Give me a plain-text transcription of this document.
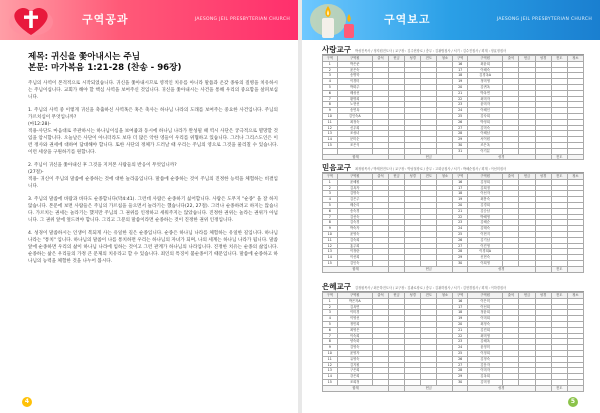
구역공과	JAESONG JEIL PRESBYTERIAN CHURCH
제목: 귀신을 쫓아내시는 주님
본문: 마가복음 1:21-28 (찬송 - 96장)

주님의 사역이 본격적으로 시작되었습니다. 귀신을 쫓아내시므로 영적인 치유를 아니라 말씀과 온갖 종류의 질병을 치유하시는 주님이십니다. 교회가 해야 할 핵심 사역을 보여주신 것입니다. 귀신을 쫓아내시는 사건을 통해 우리의 중요함을 살펴보십니다.

1. 주님의 사역 중 이렇게 귀신을 축출하신 사역혹은 혹은 축사는 하나님 나라의 도래를 보여주는 중요한 사건입니다. 주님의 가르치심이 무엇입니까?

(마12:28)-

적용-사단도 마음대로 주관하시는 하나님이심을 보여줍과 동시에 하나님 나라가 완성될 때 역시 사단은 궁극적으로 멸망할 것임을 암시합니다. 오늘날은 사단이 아니더라도 보다 더 많은 악한 영들이 우리를 위협하고 있습니다. 그러나 그리스도인은 이런 정사와 권세에 대하여 담대해야 합니다. 또한 사단의 정체가 드러날 때 우리는 주님의 영으로 그것을 물리칠 수 있습니다. 이런 세상을 구원하기를 원합니다.

2. 주님이 귀신을 쫓아내신 후 그것을 지켜본 사람들의 반응이 무엇입니까?

(27절)-

적용- 귀신이 주님의 말씀에 순종하는 것에 대한 놀라움입니다. 말씀에 순종하는 것이 주님의 진정한 능력을 체험하는 비결입니다.

3. 주님의 말씀에 바람과 바다도 순종합니다(막4:41). 그런데 사람은 순종하기 싫어합니다. 사람은 도무지 "순종" 을 잘 하지 않습니다. 본문에 보면 사람들은 주님의 가르침을 들으면서 놀라기는 했습니다(22, 27절). 그러나 순종하려고 하지는 않습니다. 가르치는 권세는 놀라기는 했지만 주님의 그 권위를 인정하고 세워주지는 않았습니다. 진정한 권위는 놀라는 권위가 아닙니다. 그 권위 앞에 엎드려야 합니다. 그리고 그분의 말씀이라면 순종하는 것이 진정한 권위 인정입니다.

4. 성경이 말씀하시는 인생이 복되게 사는 유일한 길은 순종입니다. 순종은 하나님 나라를 체험하는 유일한 길입니다. 하나님 나라는 "통치" 입니다. 하나님의 말씀이 나를 통치하면 우리는 하나님의 자녀가 되며, 나의 세계는 하나님 나라가 됩니다. 말씀 앞에 순종하면 우리의 삶이 하나님 나라에 임하는 것이고 그런 관계가 하나님의 나라입니다. 진정한 치유는 순종의 삶입니다. 순종하는 삶은 우리들의 가정 큰 문제의 치유라고 할 수 있습니다. 죄인의 특징이 불순종이기 때문입니다. 말씀에 순종하고 하나님의 능력을 체험한 것을 나누어 봅시다.

4
구역보고	JAESONG JEIL PRESBYTERIAN CHURCH
사랑교구 박성진목사 / 정지원전도사 / 교구장 : 김주현장로 / 총무 : 김광범집사 / 서기 : 김수진집사 / 회계 : 정효정집사
구역	구역원	출석	헌금	성경	전도	청소	구역	구역원	출석	헌금	성경	전도	청소
1	박은준						16	최윤희					
2	윤은숙						17	이혜숙					
3	송병학						18	김경옥A					
4	이경미						19	정미영					
5	박화주						20	김귀옥					
6	배성선						21	박옥연					
7	황명희						22	최미자					
8	노현선						23	윤미자					
9	송연옥						24	이혜인					
10	김인숙A						25	김숙희					
11	최정숙						26	박정희					
12	신우희						27	김미숙					
13	조성녀						28	이혜남					
14	문미순						29	서이원					
15	조은식						30	조은옥					
							31	이기분					
합계				헌금				성경				전도	
믿음교구 최정원목사 / 박재현전도사 / 교구장 : 박남철장로 / 총무 : 고화균집사 / 서기 : 박혜순집사 / 회계 : 이선미집사
구역	구역원	출석	헌금	성경	전도	청소	구역	구역원	출석	헌금	성경	전도	청소
1	윤혜원						16	김정희					
2	김옥자						17	김희정					
3	김명숙						18	이선자					
4	김은주						19	최봉숙					
5	배순리						20	김경희					
6	송숙경						21	김순남					
7	김선숙						22	박혜영					
8	김숙경						23	김혜순					
9	박숙자						24	김태숙					
10	윤영숙						25	이현지					
11	김숙희						26	김기남					
12	홍주희						27	이진영					
13	이정란						28	이경희A					
14	이선희						29	신현숙					
15	김인숙						30	이희영					
합계				헌금				성경				전도	
은혜교구 김정원목사 / 최은하전도사 / 교구장 : 김광로장로 / 총무 : 김광하집사 / 서기 : 김현경집사 / 회계 : 이하경집사
구역	구역원	출석	헌금	성경	전도	청소	구역	구역원	출석	헌금	성경	전도	청소
1	박은자A						16	이은미					
2	김옥연						17	이선희					
3	이미경						18	정윤희					
4	이영선						19	이미희					
5	정민희						20	최정숙					
6	최영은						21	김진희					
7	이숙희						22	최미영					
8	양숙화						23	김혜옥					
9	김영숙						24	윤정미					
10	윤영자						25	이정희					
11	유영숙						26	김정숙					
12	김지원						27	김문자					
13	구은희						28	이미자					
14	강은희						29	김옥희					
15	조희정						30	김미정					
합계				헌금				성경				전도	
5
